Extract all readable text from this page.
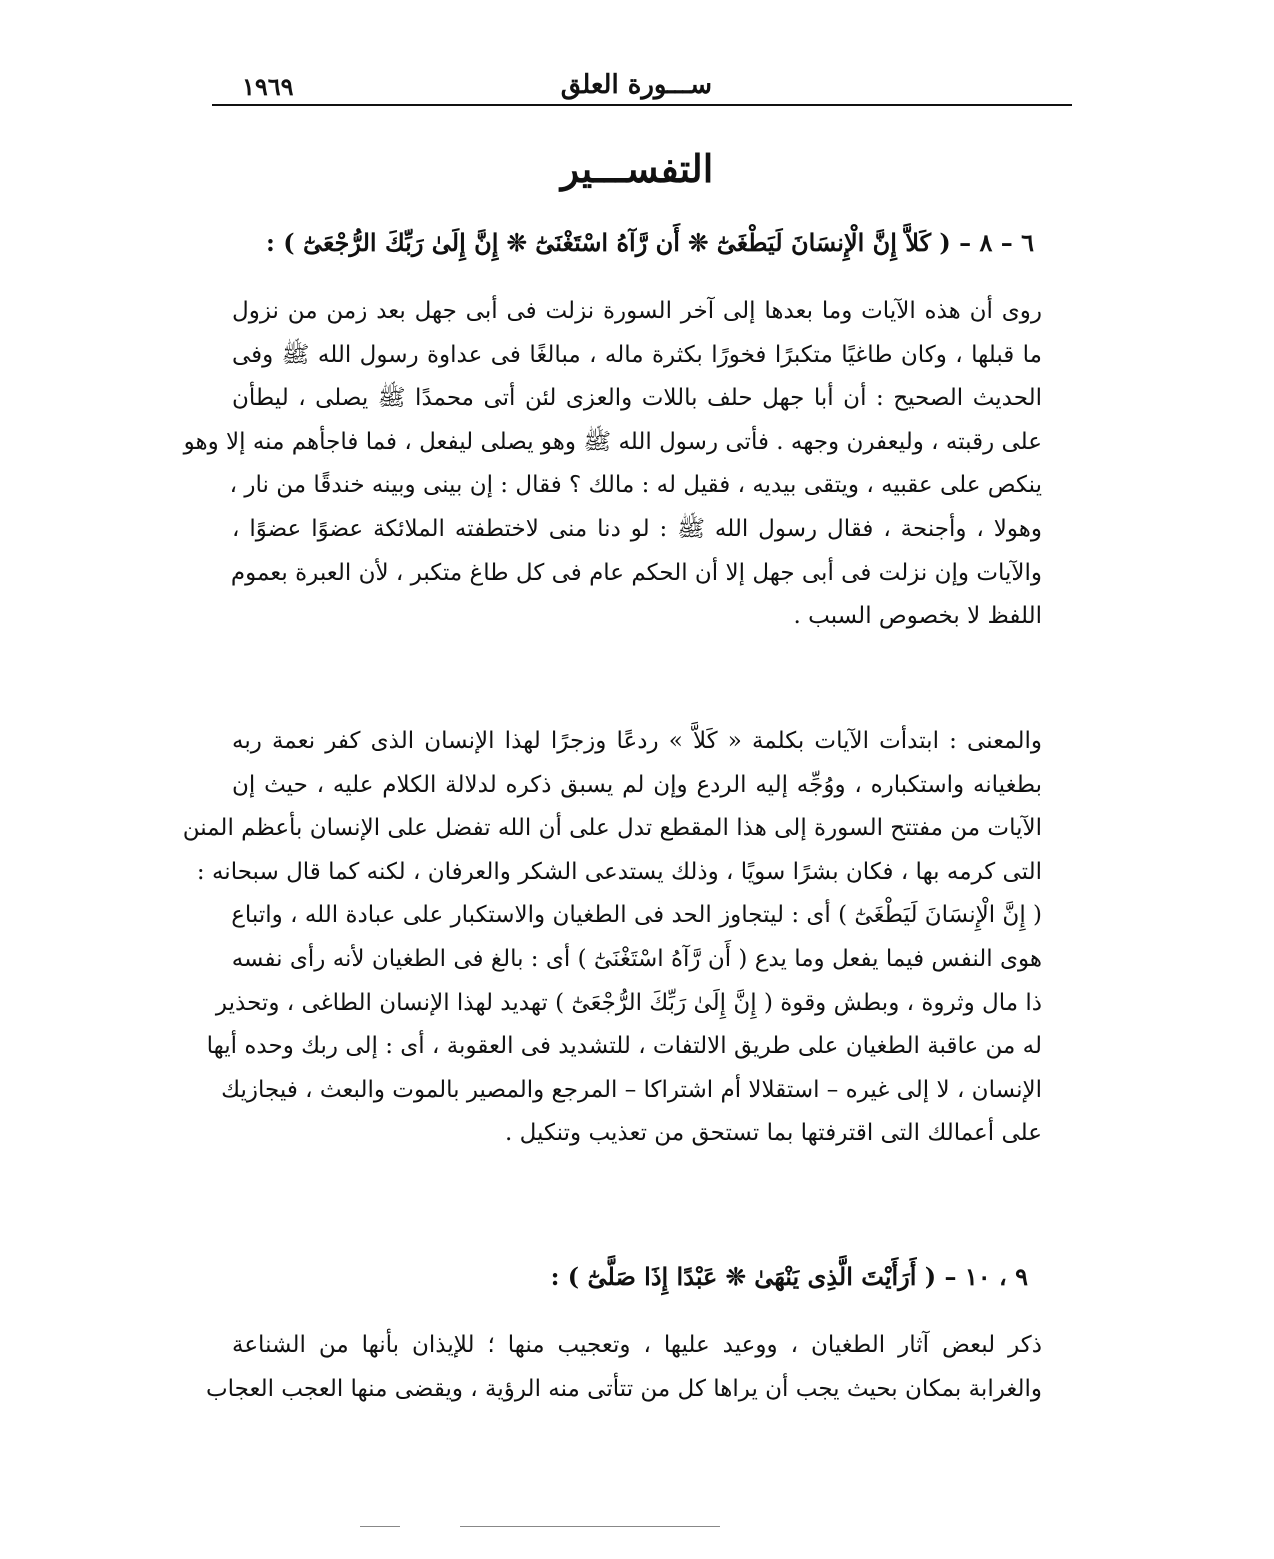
ســـورة العلق
١٩٦٩
التفســـير
٦ – ٨ – ( كَلاَّ إِنَّ الْإِنسَانَ لَيَطْغَىٰٓ ❊ أَن رَّآهُ اسْتَغْنَىٰٓ ❊ إِنَّ إِلَىٰ رَبِّكَ الرُّجْعَىٰٓ ) :
روى أن هذه الآيات وما بعدها إلى آخر السورة نزلت فى أبى جهل بعد زمن من نزول
ما قبلها ، وكان طاغيًا متكبرًا فخورًا بكثرة ماله ، مبالغًا فى عداوة رسول الله ﷺ وفى
الحديث الصحيح : أن أبا جهل حلف باللات والعزى لئن أتى محمدًا ﷺ يصلى ، ليطأن
على رقبته ، وليعفرن وجهه . فأتى رسول الله ﷺ وهو يصلى ليفعل ، فما فاجأهم منه إلا وهو
ينكص على عقبيه ، ويتقى بيديه ، فقيل له : مالك ؟ فقال : إن بينى وبينه خندقًا من نار ،
وهولا ، وأجنحة ، فقال رسول الله ﷺ : لو دنا منى لاختطفته الملائكة عضوًا عضوًا ،
والآيات وإن نزلت فى أبى جهل إلا أن الحكم عام فى كل طاغ متكبر ، لأن العبرة بعموم
اللفظ لا بخصوص السبب .
والمعنى : ابتدأت الآيات بكلمة « كَلاَّ » ردعًا وزجرًا لهذا الإنسان الذى كفر نعمة ربه
بطغيانه واستكباره ، ووُجِّه إليه الردع وإن لم يسبق ذكره لدلالة الكلام عليه ، حيث إن
الآيات من مفتتح السورة إلى هذا المقطع تدل على أن الله تفضل على الإنسان بأعظم المنن
التى كرمه بها ، فكان بشرًا سويًا ، وذلك يستدعى الشكر والعرفان ، لكنه كما قال سبحانه :
( إِنَّ الْإِنسَانَ لَيَطْغَىٰٓ ) أى : ليتجاوز الحد فى الطغيان والاستكبار على عبادة الله ، واتباع
هوى النفس فيما يفعل وما يدع ( أَن رَّآهُ اسْتَغْنَىٰٓ ) أى : بالغ فى الطغيان لأنه رأى نفسه
ذا مال وثروة ، وبطش وقوة ( إِنَّ إِلَىٰ رَبِّكَ الرُّجْعَىٰٓ ) تهديد لهذا الإنسان الطاغى ، وتحذير
له من عاقبة الطغيان على طريق الالتفات ، للتشديد فى العقوبة ، أى : إلى ربك وحده أيها
الإنسان ، لا إلى غيره – استقلالا أم اشتراكا – المرجع والمصير بالموت والبعث ، فيجازيك
على أعمالك التى اقترفتها بما تستحق من تعذيب وتنكيل .
٩ ، ١٠ – ( أَرَأَيْتَ الَّذِى يَنْهَىٰ ❊ عَبْدًا إِذَا صَلَّىٰٓ ) :
ذكر لبعض آثار الطغيان ، ووعيد عليها ، وتعجيب منها ؛ للإيذان بأنها من الشناعة
والغرابة بمكان بحيث يجب أن يراها كل من تتأتى منه الرؤية ، ويقضى منها العجب العجاب
